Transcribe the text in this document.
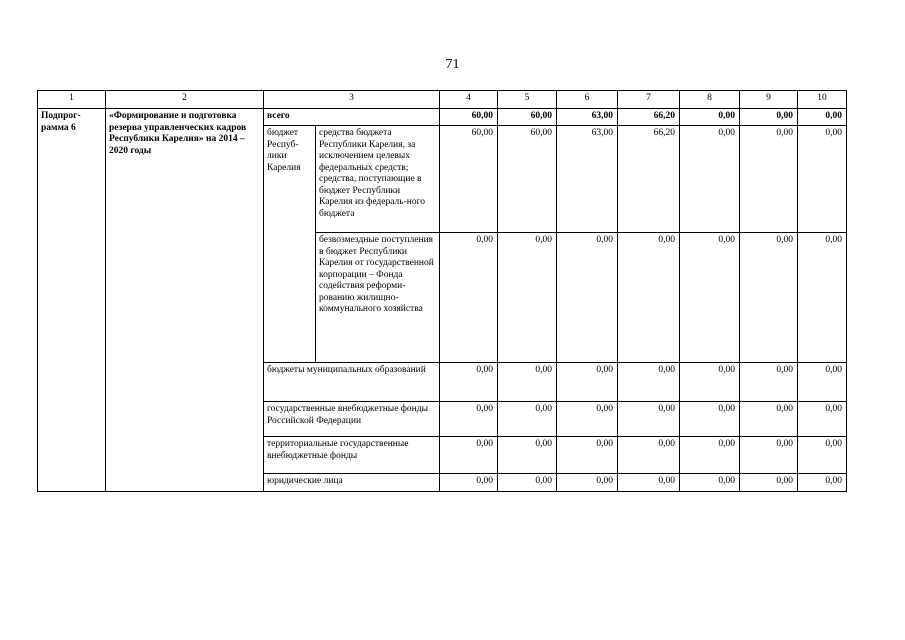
71
1	2	3		4	5	6	7	8	9	10
Подпрог-рамма 6	«Формирование и подготовка резерва управленческих кадров Республики Карелия» на 2014 – 2020 годы	всего		60,00	60,00	63,00	66,20	0,00	0,00	0,00
		бюджет Респуб-лики Карелия	средства бюджета Республики Карелия, за исключением целевых федеральных средств; средства, поступающие в бюджет Республики Карелия из федераль-ного бюджета	60,00	60,00	63,00	66,20	0,00	0,00	0,00
			безвозмездные поступления в бюджет Республики Карелия от государственной корпорации – Фонда содействия реформи-рованию жилищно-коммунального хозяйства	0,00	0,00	0,00	0,00	0,00	0,00	0,00
		бюджеты муниципальных образований		0,00	0,00	0,00	0,00	0,00	0,00	0,00
		государственные внебюджетные фонды Российской Федерации		0,00	0,00	0,00	0,00	0,00	0,00	0,00
		территориальные государственные внебюджетные фонды		0,00	0,00	0,00	0,00	0,00	0,00	0,00
		юридические лица		0,00	0,00	0,00	0,00	0,00	0,00	0,00
